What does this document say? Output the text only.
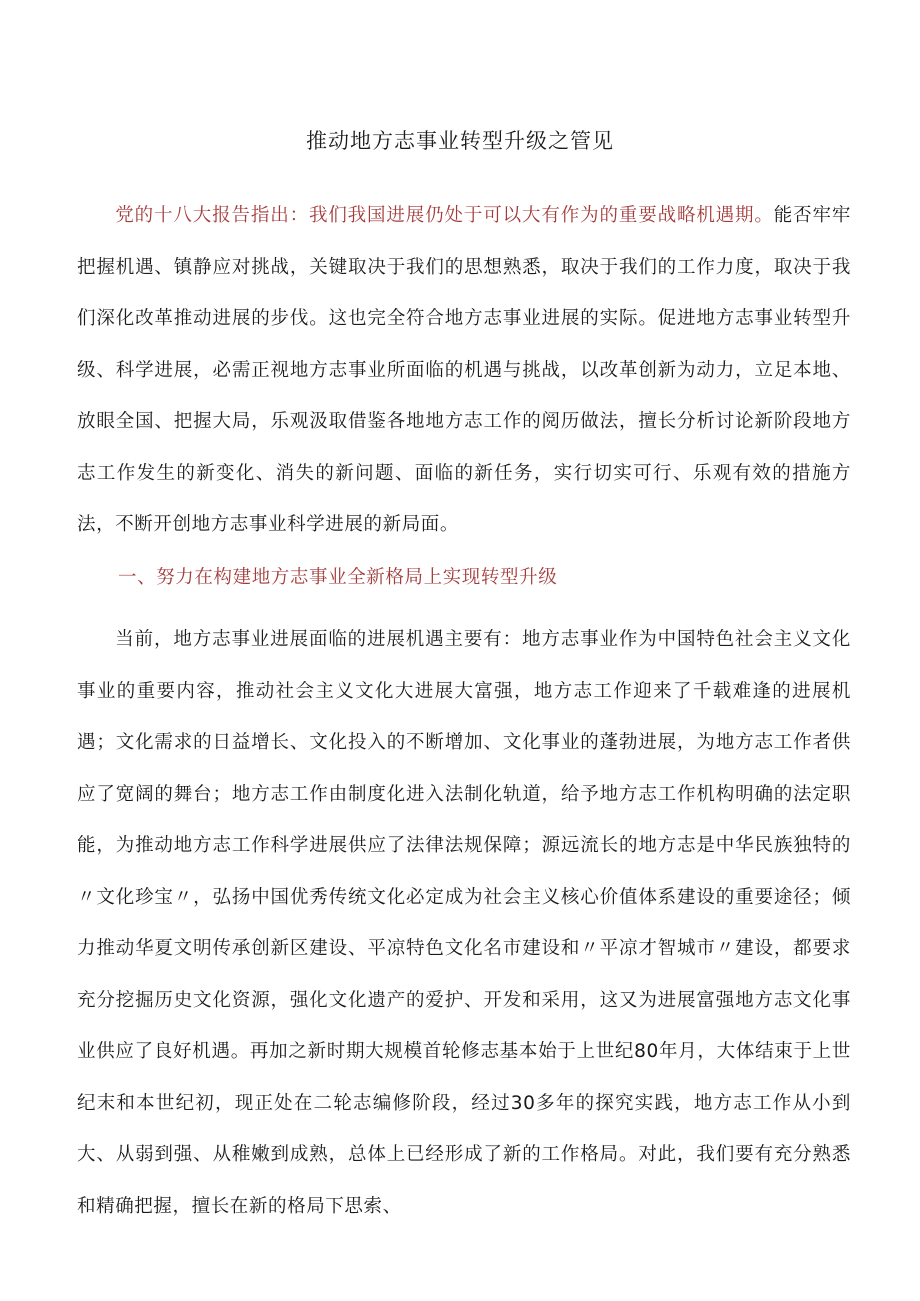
推动地方志事业转型升级之管见
党的十八大报告指出：我们我国进展仍处于可以大有作为的重要战略机遇期。能否牢牢把握机遇、镇静应对挑战，关键取决于我们的思想熟悉，取决于我们的工作力度，取决于我们深化改革推动进展的步伐。这也完全符合地方志事业进展的实际。促进地方志事业转型升级、科学进展，必需正视地方志事业所面临的机遇与挑战，以改革创新为动力，立足本地、放眼全国、把握大局，乐观汲取借鉴各地地方志工作的阅历做法，擅长分析讨论新阶段地方志工作发生的新变化、消失的新问题、面临的新任务，实行切实可行、乐观有效的措施方法，不断开创地方志事业科学进展的新局面。
一、努力在构建地方志事业全新格局上实现转型升级
当前，地方志事业进展面临的进展机遇主要有：地方志事业作为中国特色社会主义文化事业的重要内容，推动社会主义文化大进展大富强，地方志工作迎来了千载难逢的进展机遇；文化需求的日益增长、文化投入的不断增加、文化事业的蓬勃进展，为地方志工作者供应了宽阔的舞台；地方志工作由制度化进入法制化轨道，给予地方志工作机构明确的法定职能，为推动地方志工作科学进展供应了法律法规保障；源远流长的地方志是中华民族独特的〃文化珍宝〃，弘扬中国优秀传统文化必定成为社会主义核心价值体系建设的重要途径；倾力推动华夏文明传承创新区建设、平凉特色文化名市建设和〃平凉才智城市〃建设，都要求充分挖掘历史文化资源，强化文化遗产的爱护、开发和采用，这又为进展富强地方志文化事业供应了良好机遇。再加之新时期大规模首轮修志基本始于上世纪80年月，大体结束于上世纪末和本世纪初，现正处在二轮志编修阶段，经过30多年的探究实践，地方志工作从小到大、从弱到强、从稚嫩到成熟，总体上已经形成了新的工作格局。对此，我们要有充分熟悉和精确把握，擅长在新的格局下思索、
